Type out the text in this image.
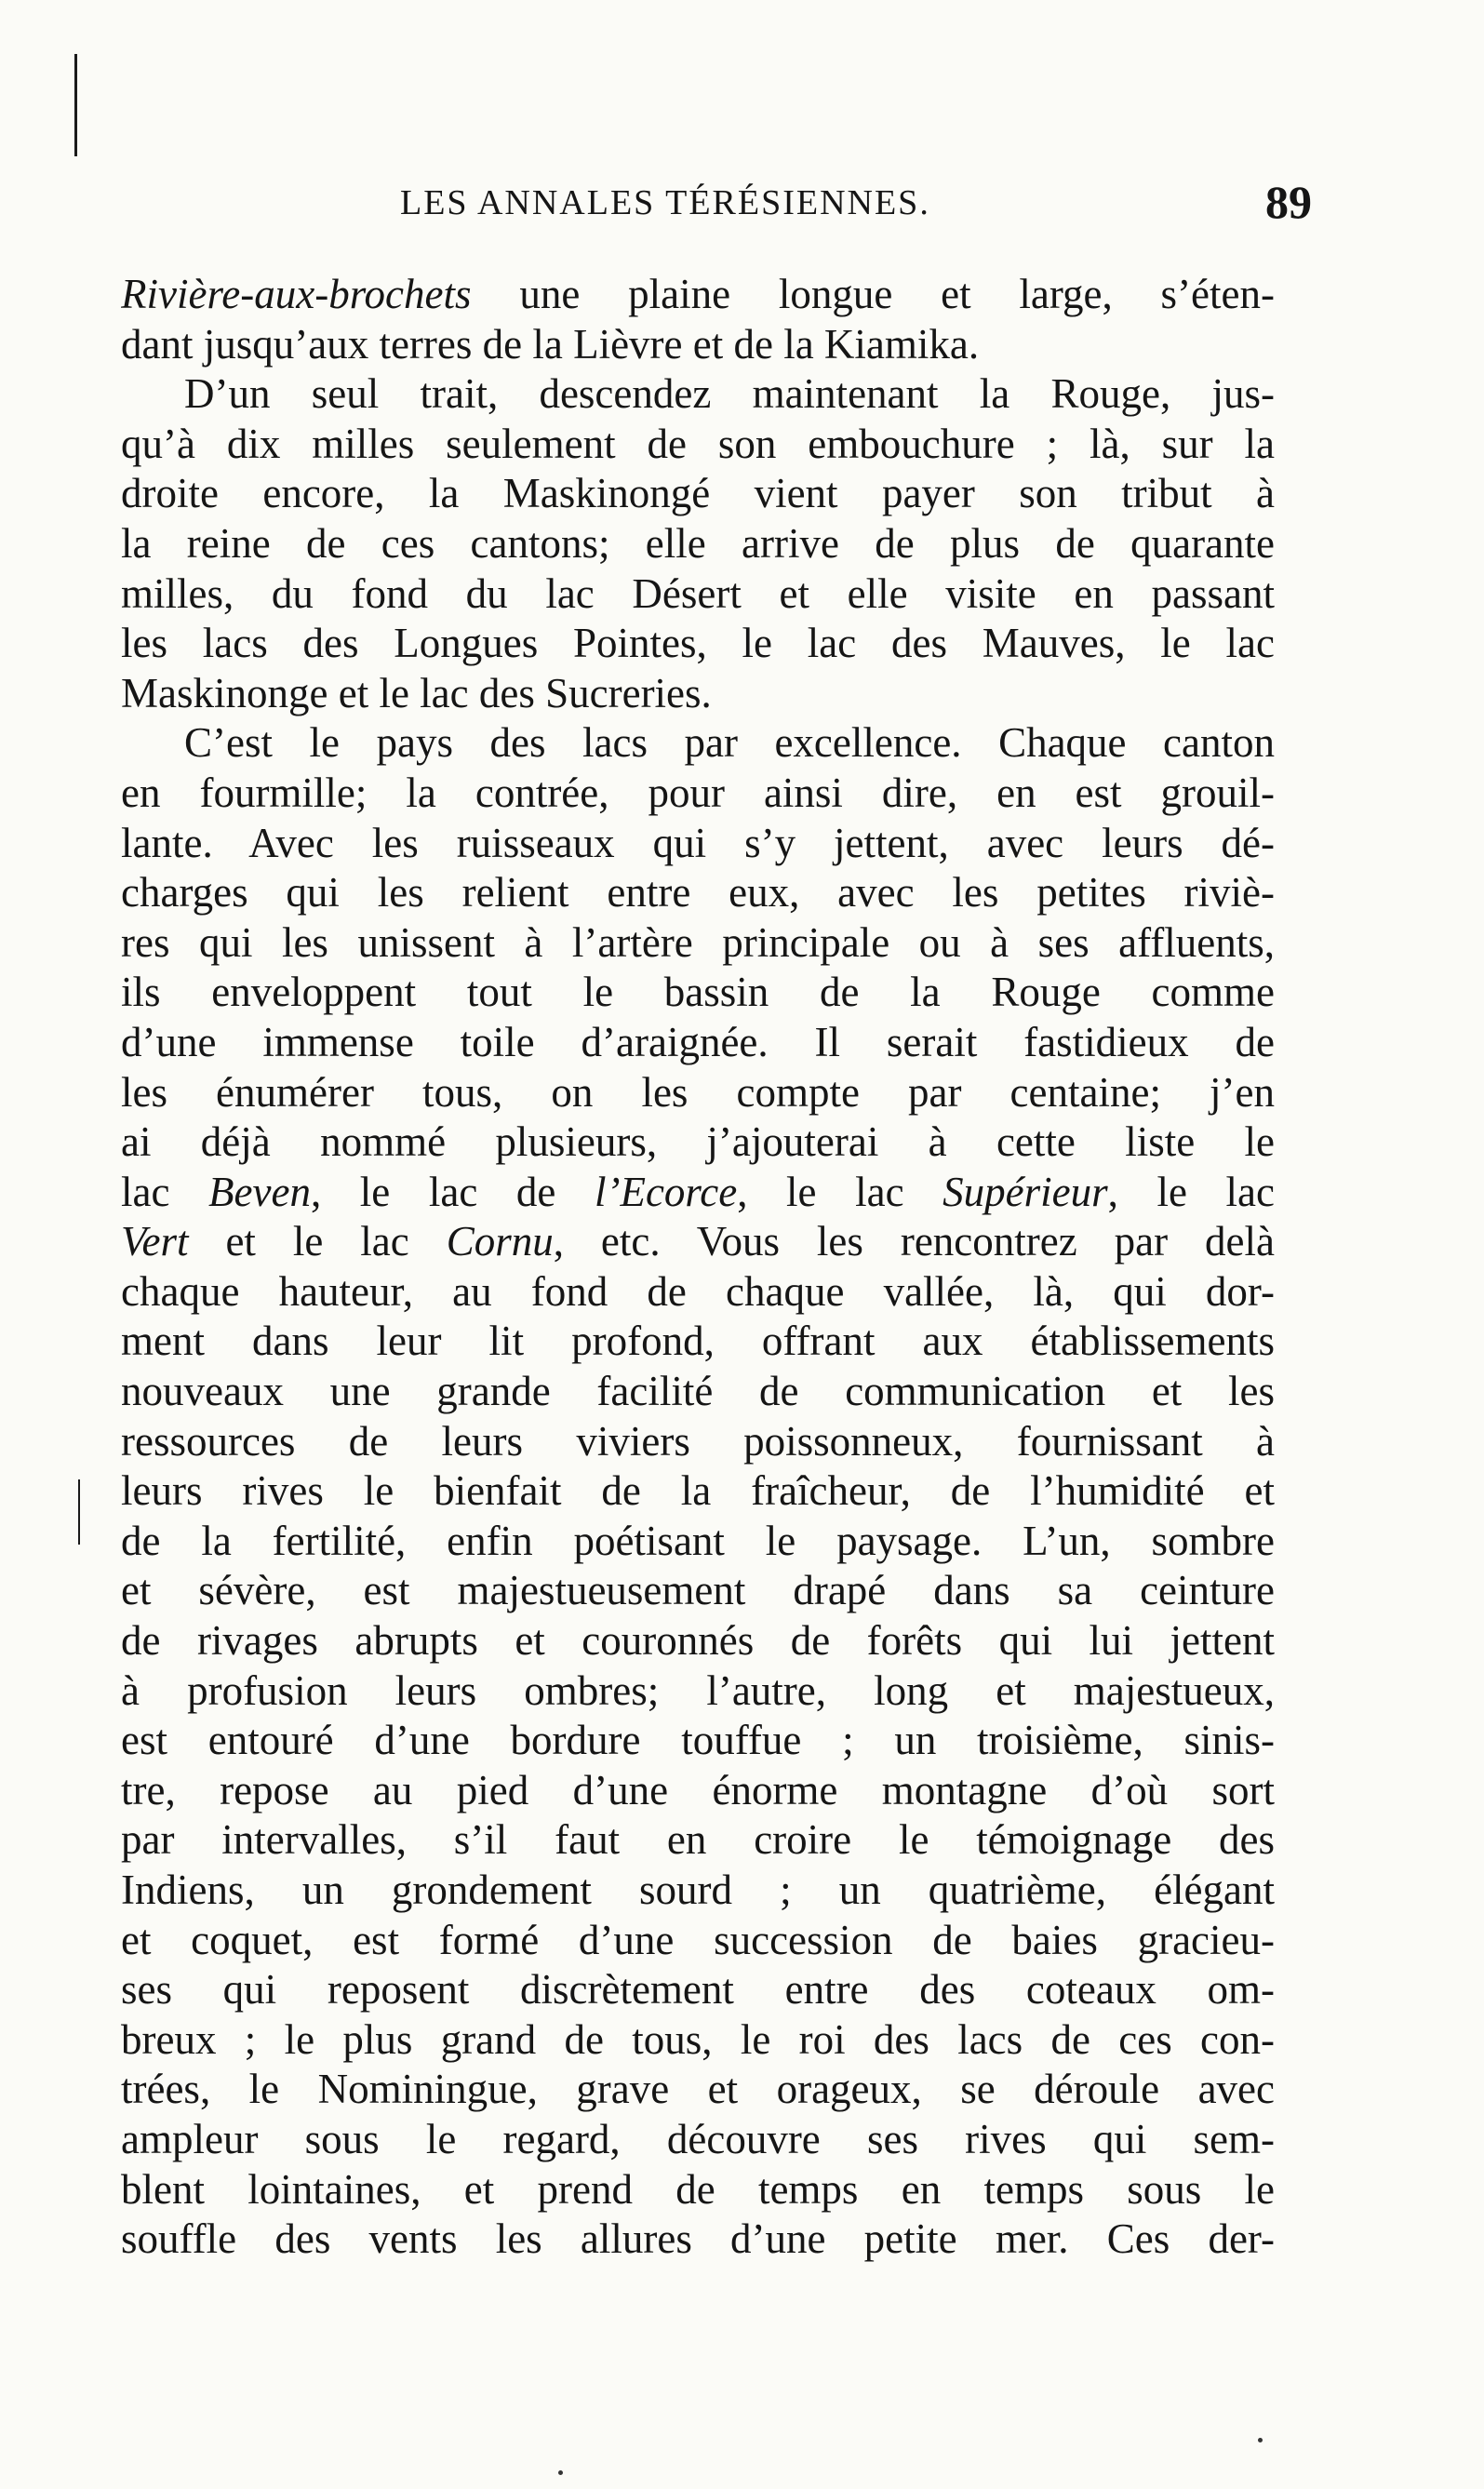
LES ANNALES TÉRÉSIENNES.	89
Rivière-aux-brochets une plaine longue et large, s’éten-
dant jusqu’aux terres de la Lièvre et de la Kiamika.
D’un seul trait, descendez maintenant la Rouge, jus-
qu’à dix milles seulement de son embouchure ; là, sur la
droite encore, la Maskinongé vient payer son tribut à
la reine de ces cantons; elle arrive de plus de quarante
milles, du fond du lac Désert et elle visite en passant
les lacs des Longues Pointes, le lac des Mauves, le lac
Maskinonge et le lac des Sucreries.
C’est le pays des lacs par excellence. Chaque canton
en fourmille; la contrée, pour ainsi dire, en est grouil-
lante. Avec les ruisseaux qui s’y jettent, avec leurs dé-
charges qui les relient entre eux, avec les petites riviè-
res qui les unissent à l’artère principale ou à ses affluents,
ils enveloppent tout le bassin de la Rouge comme
d’une immense toile d’araignée. Il serait fastidieux de
les énumérer tous, on les compte par centaine; j’en
ai déjà nommé plusieurs, j’ajouterai à cette liste le
lac Beven, le lac de l’Ecorce, le lac Supérieur, le lac
Vert et le lac Cornu, etc. Vous les rencontrez par delà
chaque hauteur, au fond de chaque vallée, là, qui dor-
ment dans leur lit profond, offrant aux établissements
nouveaux une grande facilité de communication et les
ressources de leurs viviers poissonneux, fournissant à
leurs rives le bienfait de la fraîcheur, de l’humidité et
de la fertilité, enfin poétisant le paysage. L’un, sombre
et sévère, est majestueusement drapé dans sa ceinture
de rivages abrupts et couronnés de forêts qui lui jettent
à profusion leurs ombres; l’autre, long et majestueux,
est entouré d’une bordure touffue ; un troisième, sinis-
tre, repose au pied d’une énorme montagne d’où sort
par intervalles, s’il faut en croire le témoignage des
Indiens, un grondement sourd ; un quatrième, élégant
et coquet, est formé d’une succession de baies gracieu-
ses qui reposent discrètement entre des coteaux om-
breux ; le plus grand de tous, le roi des lacs de ces con-
trées, le Nominingue, grave et orageux, se déroule avec
ampleur sous le regard, découvre ses rives qui sem-
blent lointaines, et prend de temps en temps sous le
souffle des vents les allures d’une petite mer. Ces der-
